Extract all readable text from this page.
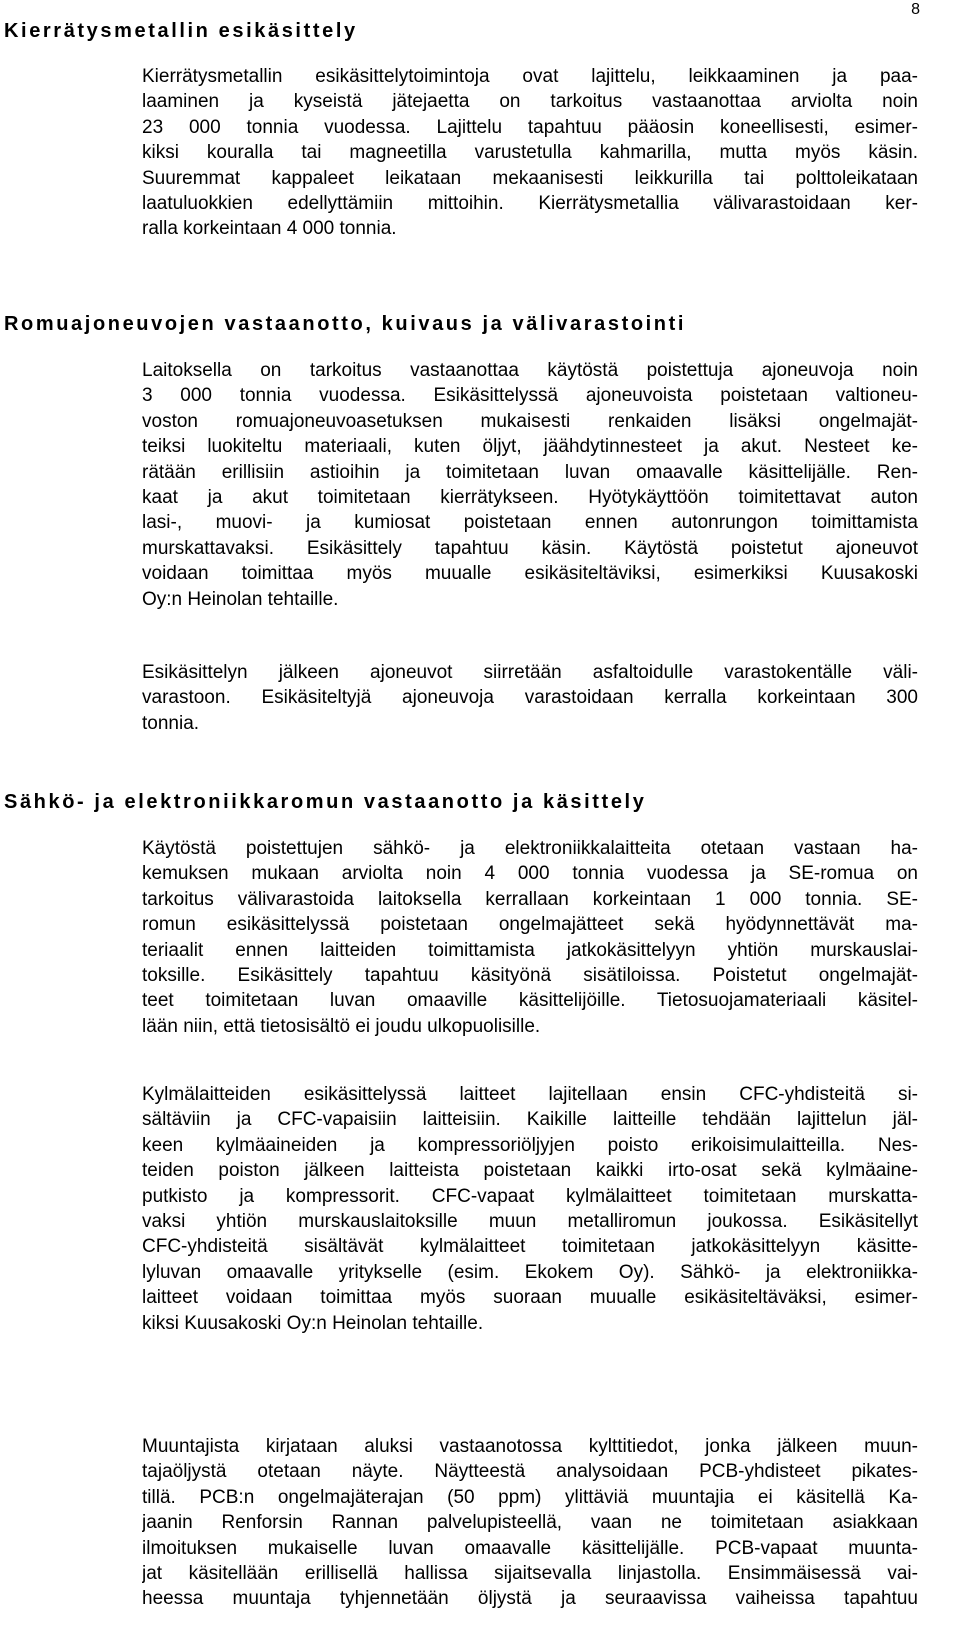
8
Kierrätysmetallin esikäsittely

Kierrätysmetallin esikäsittelytoimintoja ovat lajittelu, leikkaaminen ja paa-
laaminen ja kyseistä jätejaetta on tarkoitus vastaanottaa arviolta noin
23 000 tonnia vuodessa. Lajittelu tapahtuu pääosin koneellisesti, esimer-
kiksi kouralla tai magneetilla varustetulla kahmarilla, mutta myös käsin.
Suuremmat kappaleet leikataan mekaanisesti leikkurilla tai polttoleikataan
laatuluokkien edellyttämiin mittoihin. Kierrätysmetallia välivarastoidaan ker-
ralla korkeintaan 4 000 tonnia.

Romuajoneuvojen vastaanotto, kuivaus ja välivarastointi

Laitoksella on tarkoitus vastaanottaa käytöstä poistettuja ajoneuvoja noin
3 000 tonnia vuodessa. Esikäsittelyssä ajoneuvoista poistetaan valtioneu-
voston romuajoneuvoasetuksen mukaisesti renkaiden lisäksi ongelmajät-
teiksi luokiteltu materiaali, kuten öljyt, jäähdytinnesteet ja akut. Nesteet ke-
rätään erillisiin astioihin ja toimitetaan luvan omaavalle käsittelijälle. Ren-
kaat ja akut toimitetaan kierrätykseen. Hyötykäyttöön toimitettavat auton
lasi-, muovi- ja kumiosat poistetaan ennen autonrungon toimittamista
murskattavaksi. Esikäsittely tapahtuu käsin. Käytöstä poistetut ajoneuvot
voidaan toimittaa myös muualle esikäsiteltäviksi, esimerkiksi Kuusakoski
Oy:n Heinolan tehtaille.

Esikäsittelyn jälkeen ajoneuvot siirretään asfaltoidulle varastokentälle väli-
varastoon. Esikäsiteltyjä ajoneuvoja varastoidaan kerralla korkeintaan 300
tonnia.

Sähkö- ja elektroniikkaromun vastaanotto ja käsittely

Käytöstä poistettujen sähkö- ja elektroniikkalaitteita otetaan vastaan ha-
kemuksen mukaan arviolta noin 4 000 tonnia vuodessa ja SE-romua on
tarkoitus välivarastoida laitoksella kerrallaan korkeintaan 1 000 tonnia. SE-
romun esikäsittelyssä poistetaan ongelmajätteet sekä hyödynnettävät ma-
teriaalit ennen laitteiden toimittamista jatkokäsittelyyn yhtiön murskauslai-
toksille. Esikäsittely tapahtuu käsityönä sisätiloissa. Poistetut ongelmajät-
teet toimitetaan luvan omaaville käsittelijöille. Tietosuojamateriaali käsitel-
lään niin, että tietosisältö ei joudu ulkopuolisille.

Kylmälaitteiden esikäsittelyssä laitteet lajitellaan ensin CFC-yhdisteitä si-
sältäviin ja CFC-vapaisiin laitteisiin. Kaikille laitteille tehdään lajittelun jäl-
keen kylmäaineiden ja kompressoriöljyjen poisto erikoisimulaitteilla. Nes-
teiden poiston jälkeen laitteista poistetaan kaikki irto-osat sekä kylmäaine-
putkisto ja kompressorit. CFC-vapaat kylmälaitteet toimitetaan murskatta-
vaksi yhtiön murskauslaitoksille muun metalliromun joukossa. Esikäsitellyt
CFC-yhdisteitä sisältävät kylmälaitteet toimitetaan jatkokäsittelyyn käsitte-
lyluvan omaavalle yritykselle (esim. Ekokem Oy). Sähkö- ja elektroniikka-
laitteet voidaan toimittaa myös suoraan muualle esikäsiteltäväksi, esimer-
kiksi Kuusakoski Oy:n Heinolan tehtaille.

Muuntajista kirjataan aluksi vastaanotossa kylttitiedot, jonka jälkeen muun-
tajaöljystä otetaan näyte. Näytteestä analysoidaan PCB-yhdisteet pikates-
tillä. PCB:n ongelmajäterajan (50 ppm) ylittäviä muuntajia ei käsitellä Ka-
jaanin Renforsin Rannan palvelupisteellä, vaan ne toimitetaan asiakkaan
ilmoituksen mukaiselle luvan omaavalle käsittelijälle. PCB-vapaat muunta-
jat käsitellään erillisellä hallissa sijaitsevalla linjastolla. Ensimmäisessä vai-
heessa muuntaja tyhjennetään öljystä ja seuraavissa vaiheissa tapahtuu
